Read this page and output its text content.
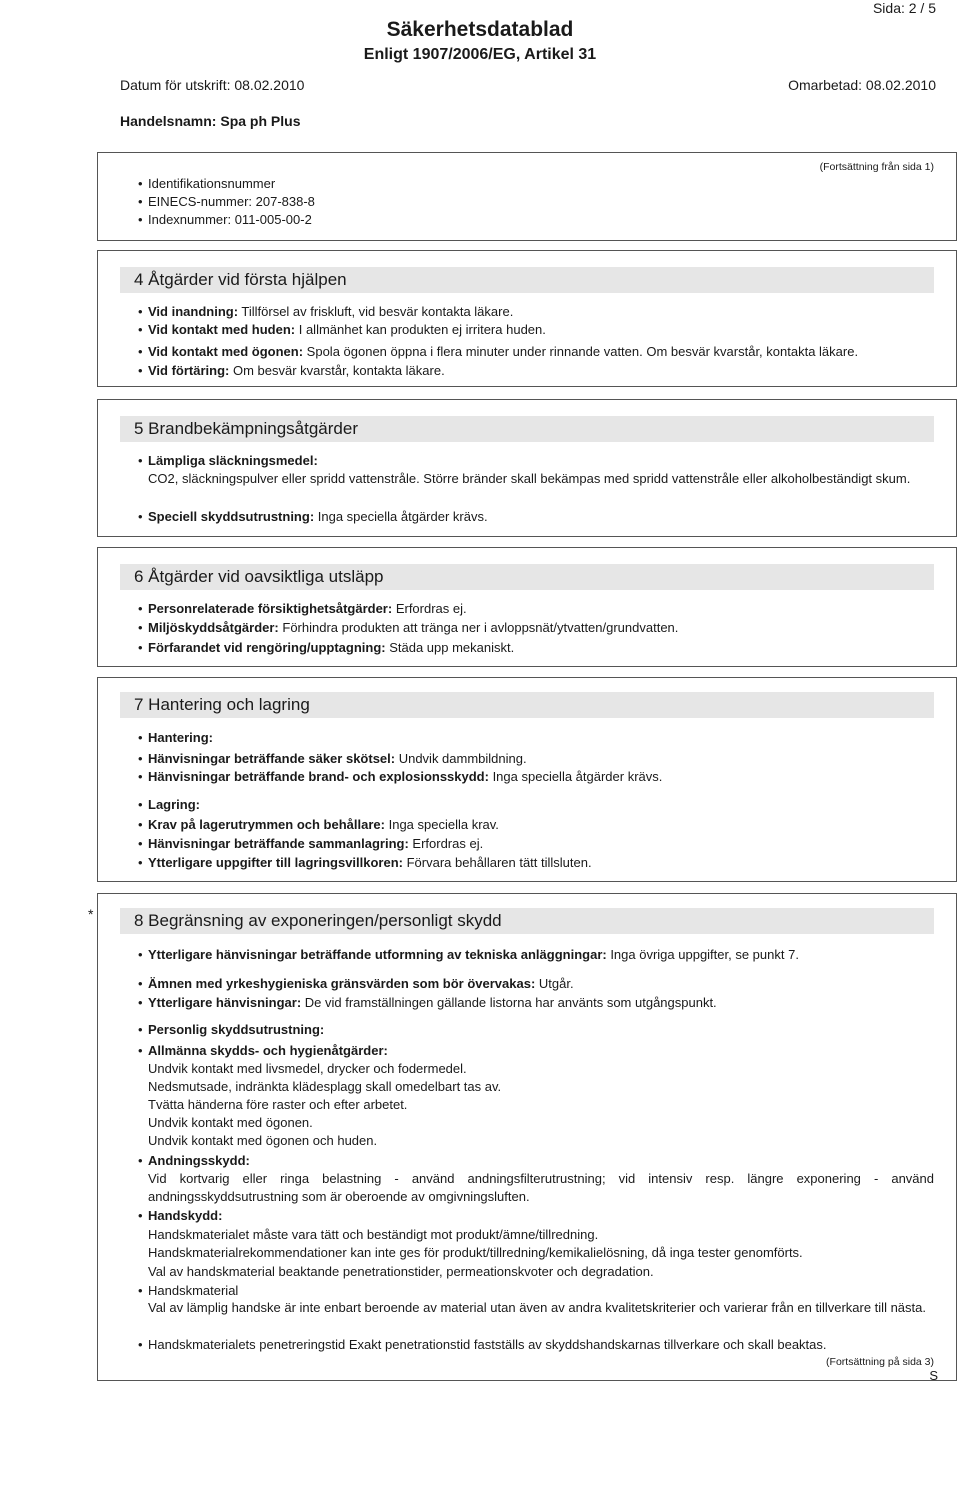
Sida: 2 / 5
Säkerhetsdatablad
Enligt 1907/2006/EG, Artikel 31
Datum för utskrift: 08.02.2010	Omarbetad: 08.02.2010
Handelsnamn: Spa ph Plus
(Fortsättning från sida 1)
• Identifikationsnummer
• EINECS-nummer: 207-838-8
• Indexnummer: 011-005-00-2
4 Åtgärder vid första hjälpen
• Vid inandning: Tillförsel av friskluft, vid besvär kontakta läkare.
• Vid kontakt med huden: I allmänhet kan produkten ej irritera huden.
• Vid kontakt med ögonen: Spola ögonen öppna i flera minuter under rinnande vatten. Om besvär kvarstår, kontakta läkare.
• Vid förtäring: Om besvär kvarstår, kontakta läkare.
5 Brandbekämpningsåtgärder
• Lämpliga släckningsmedel:
CO2, släckningspulver eller spridd vattenstråle. Större bränder skall bekämpas med spridd vattenstråle eller alkoholbeständigt skum.
• Speciell skyddsutrustning: Inga speciella åtgärder krävs.
6 Åtgärder vid oavsiktliga utsläpp
• Personrelaterade försiktighetsåtgärder: Erfordras ej.
• Miljöskyddsåtgärder: Förhindra produkten att tränga ner i avloppsnät/ytvatten/grundvatten.
• Förfarandet vid rengöring/upptagning: Städa upp mekaniskt.
7 Hantering och lagring
• Hantering:
• Hänvisningar beträffande säker skötsel: Undvik dammbildning.
• Hänvisningar beträffande brand- och explosionsskydd: Inga speciella åtgärder krävs.
• Lagring:
• Krav på lagerutrymmen och behållare: Inga speciella krav.
• Hänvisningar beträffande sammanlagring: Erfordras ej.
• Ytterligare uppgifter till lagringsvillkoren: Förvara behållaren tätt tillsluten.
*	8 Begränsning av exponeringen/personligt skydd
• Ytterligare hänvisningar beträffande utformning av tekniska anläggningar: Inga övriga uppgifter, se punkt 7.
• Ämnen med yrkeshygieniska gränsvärden som bör övervakas: Utgår.
• Ytterligare hänvisningar: De vid framställningen gällande listorna har använts som utgångspunkt.
• Personlig skyddsutrustning:
• Allmänna skydds- och hygienåtgärder:
Undvik kontakt med livsmedel, drycker och fodermedel.
Nedsmutsade, indränkta klädesplagg skall omedelbart tas av.
Tvätta händerna före raster och efter arbetet.
Undvik kontakt med ögonen.
Undvik kontakt med ögonen och huden.
• Andningsskydd:
Vid kortvarig eller ringa belastning - använd andningsfilterutrustning; vid intensiv resp. längre exponering - använd andningsskyddsutrustning som är oberoende av omgivningsluften.
• Handskydd:
Handskmaterialet måste vara tätt och beständigt mot produkt/ämne/tillredning.
Handskmaterialrekommendationer kan inte ges för produkt/tillredning/kemikalielösning, då inga tester genomförts.
Val av handskmaterial beaktande penetrationstider, permeationskvoter och degradation.
• Handskmaterial
Val av lämplig handske är inte enbart beroende av material utan även av andra kvalitetskriterier och varierar från en tillverkare till nästa.
• Handskmaterialets penetreringstid Exakt penetrationstid fastställs av skyddshandskarnas tillverkare och skall beaktas.
(Fortsättning på sida 3)
S
